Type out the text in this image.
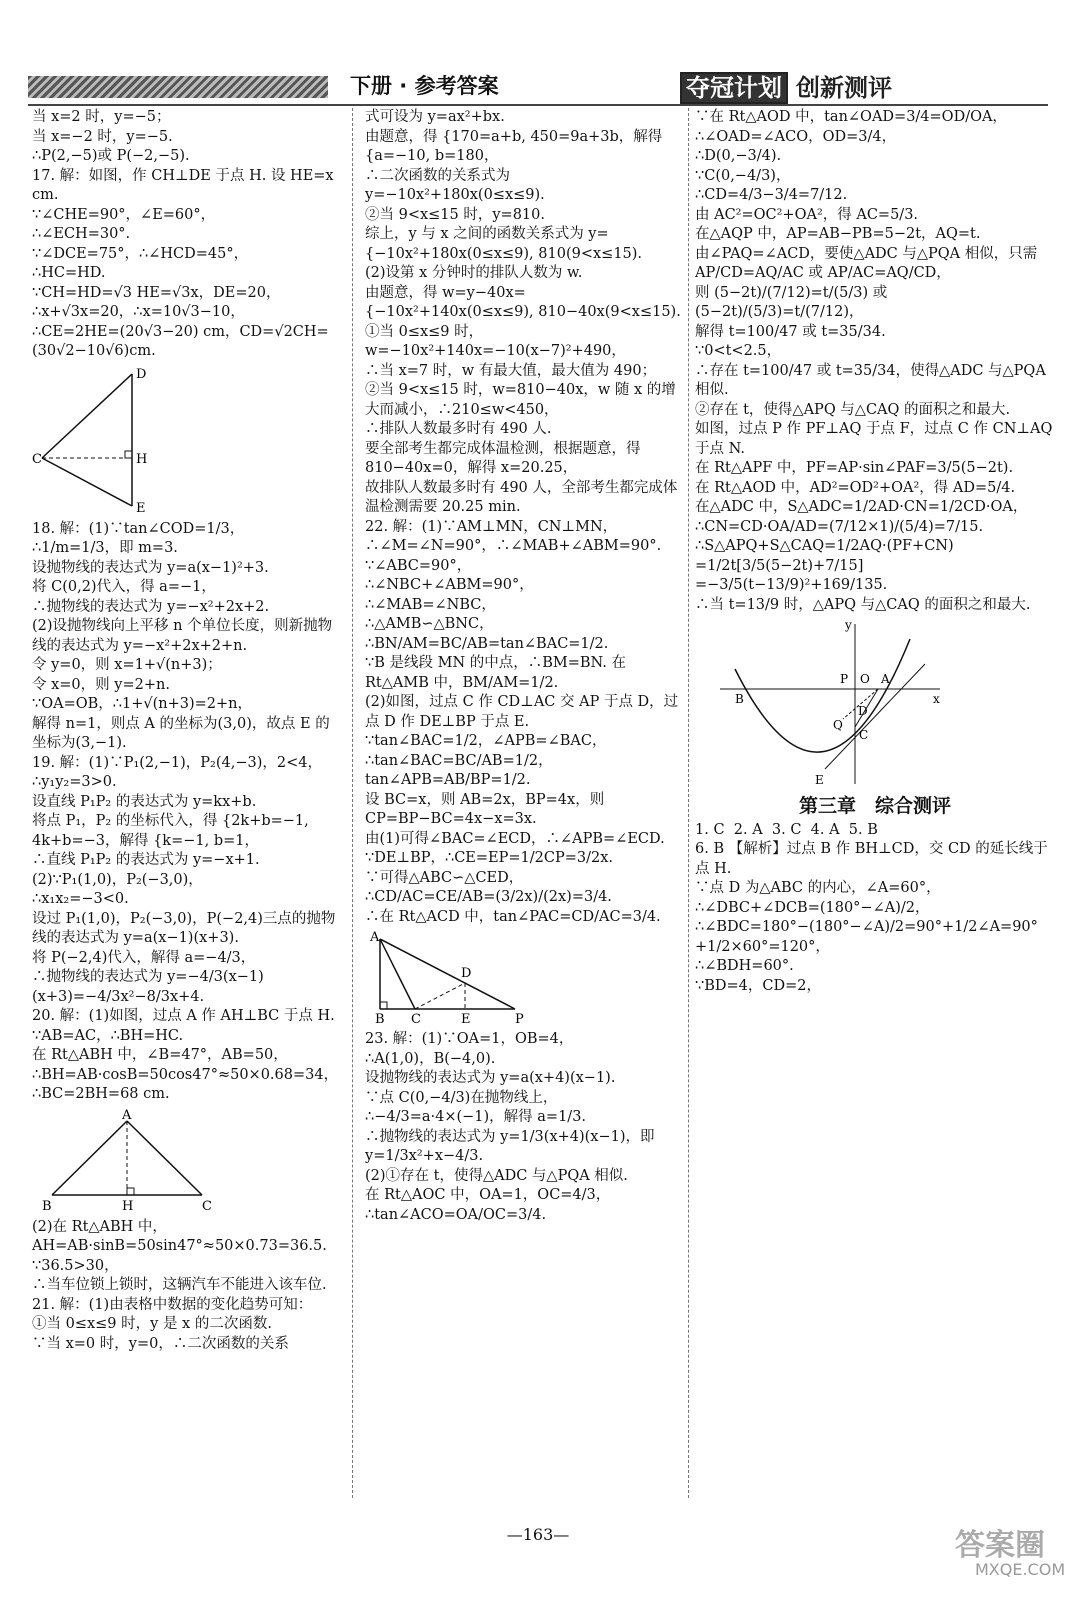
下册 · 参考答案	夺冠计划 创新测评

当 x=2 时，y=−5；

当 x=−2 时，y=−5.

∴P(2,−5)或 P(−2,−5).

17. 解：如图，作 CH⊥DE 于点 H. 设 HE=x cm.

∵∠CHE=90°，∠E=60°，

∴∠ECH=30°.

∵∠DCE=75°，∴∠HCD=45°，

∴HC=HD.

∵CH=HD=√3 HE=√3x，DE=20，

∴x+√3x=20，∴x=10√3−10，

∴CE=2HE=(20√3−20) cm，CD=√2CH=(30√2−10√6)cm.

D
C	H
E

18. 解：(1)∵tan∠COD=1/3，

∴1/m=1/3，即 m=3.

设抛物线的表达式为 y=a(x−1)²+3.

将 C(0,2)代入，得 a=−1，

∴抛物线的表达式为 y=−x²+2x+2.

(2)设抛物线向上平移 n 个单位长度，则新抛物线的表达式为 y=−x²+2x+2+n.

令 y=0，则 x=1+√(n+3)；

令 x=0，则 y=2+n.

∵OA=OB，∴1+√(n+3)=2+n，

解得 n=1，则点 A 的坐标为(3,0)，故点 E 的坐标为(3,−1).

19. 解：(1)∵P₁(2,−1)，P₂(4,−3)，2<4，

∴y₁y₂=3>0.

设直线 P₁P₂ 的表达式为 y=kx+b.

将点 P₁，P₂ 的坐标代入，得 {2k+b=−1, 4k+b=−3，解得 {k=−1, b=1，

∴直线 P₁P₂ 的表达式为 y=−x+1.

(2)∵P₁(1,0)，P₂(−3,0)，

∴x₁x₂=−3<0.

设过 P₁(1,0)，P₂(−3,0)，P(−2,4)三点的抛物线的表达式为 y=a(x−1)(x+3).

将 P(−2,4)代入，解得 a=−4/3，

∴抛物线的表达式为 y=−4/3(x−1)(x+3)=−4/3x²−8/3x+4.

20. 解：(1)如图，过点 A 作 AH⊥BC 于点 H.

∵AB=AC，∴BH=HC.

在 Rt△ABH 中，∠B=47°，AB=50，

∴BH=AB·cosB=50cos47°≈50×0.68=34，

∴BC=2BH=68 cm.

A
B	H	C

(2)在 Rt△ABH 中，AH=AB·sinB=50sin47°≈50×0.73=36.5.

∵36.5>30，

∴当车位锁上锁时，这辆汽车不能进入该车位.

21. 解：(1)由表格中数据的变化趋势可知：

①当 0≤x≤9 时，y 是 x 的二次函数.

∵当 x=0 时，y=0，∴二次函数的关系

式可设为 y=ax²+bx.

由题意，得 {170=a+b, 450=9a+3b，解得 {a=−10, b=180，

∴二次函数的关系式为 y=−10x²+180x(0≤x≤9).

②当 9<x≤15 时，y=810.

综上，y 与 x 之间的函数关系式为 y={−10x²+180x(0≤x≤9), 810(9<x≤15).

(2)设第 x 分钟时的排队人数为 w.

由题意，得 w=y−40x={−10x²+140x(0≤x≤9), 810−40x(9<x≤15).

①当 0≤x≤9 时，w=−10x²+140x=−10(x−7)²+490，

∴当 x=7 时，w 有最大值，最大值为 490；

②当 9<x≤15 时，w=810−40x，w 随 x 的增大而减小，∴210≤w<450，

∴排队人数最多时有 490 人.

要全部考生都完成体温检测，根据题意，得 810−40x=0，解得 x=20.25，

故排队人数最多时有 490 人，全部考生都完成体温检测需要 20.25 min.

22. 解：(1)∵AM⊥MN，CN⊥MN，∴∠M=∠N=90°，∴∠MAB+∠ABM=90°.

∵∠ABC=90°，

∴∠NBC+∠ABM=90°，

∴∠MAB=∠NBC，

∴△AMB∽△BNC，

∴BN/AM=BC/AB=tan∠BAC=1/2.

∵B 是线段 MN 的中点，∴BM=BN. 在 Rt△AMB 中，BM/AM=1/2.

(2)如图，过点 C 作 CD⊥AC 交 AP 于点 D，过点 D 作 DE⊥BP 于点 E.

∵tan∠BAC=1/2，∠APB=∠BAC，

∴tan∠BAC=BC/AB=1/2，

tan∠APB=AB/BP=1/2.

设 BC=x，则 AB=2x，BP=4x，则 CP=BP−BC=4x−x=3x.

由(1)可得∠BAC=∠ECD，∴∠APB=∠ECD.

∵DE⊥BP，∴CE=EP=1/2CP=3/2x.

∵可得△ABC∽△CED，

∴CD/AC=CE/AB=(3/2x)/(2x)=3/4.

∴在 Rt△ACD 中，tan∠PAC=CD/AC=3/4.

A
D
B C	E	P

23. 解：(1)∵OA=1，OB=4，

∴A(1,0)，B(−4,0).

设抛物线的表达式为 y=a(x+4)(x−1).

∵点 C(0,−4/3)在抛物线上，

∴−4/3=a·4×(−1)，解得 a=1/3.

∴抛物线的表达式为 y=1/3(x+4)(x−1)，即 y=1/3x²+x−4/3.

(2)①存在 t，使得△ADC 与△PQA 相似.

在 Rt△AOC 中，OA=1，OC=4/3，

∴tan∠ACO=OA/OC=3/4.

∵在 Rt△AOD 中，tan∠OAD=3/4=OD/OA，

∴∠OAD=∠ACO，OD=3/4，

∴D(0,−3/4).

∵C(0,−4/3)，

∴CD=4/3−3/4=7/12.

由 AC²=OC²+OA²，得 AC=5/3.

在△AQP 中，AP=AB−PB=5−2t，AQ=t.

由∠PAQ=∠ACD，要使△ADC 与△PQA 相似，只需 AP/CD=AQ/AC 或 AP/AC=AQ/CD，

则 (5−2t)/(7/12)=t/(5/3) 或 (5−2t)/(5/3)=t/(7/12)，

解得 t=100/47 或 t=35/34.

∵0<t<2.5，

∴存在 t=100/47 或 t=35/34，使得△ADC 与△PQA 相似.

②存在 t，使得△APQ 与△CAQ 的面积之和最大.

如图，过点 P 作 PF⊥AQ 于点 F，过点 C 作 CN⊥AQ 于点 N.

在 Rt△APF 中，PF=AP·sin∠PAF=3/5(5−2t).

在 Rt△AOD 中，AD²=OD²+OA²，得 AD=5/4.

在△ADC 中，S△ADC=1/2AD·CN=1/2CD·OA，

∴CN=CD·OA/AD=(7/12×1)/(5/4)=7/15.

∴S△APQ+S△CAQ=1/2AQ·(PF+CN)

=1/2t[3/5(5−2t)+7/15]

=−3/5(t−13/9)²+169/135.

∴当 t=13/9 时，△APQ 与△CAQ 的面积之和最大.

y
x
O A
B
P
D
Q
C
E
第三章　综合测评

1. C  2. A  3. C  4. A  5. B

6. B 【解析】过点 B 作 BH⊥CD，交 CD 的延长线于点 H.

∵点 D 为△ABC 的内心，∠A=60°，

∴∠DBC+∠DCB=(180°−∠A)/2，

∴∠BDC=180°−(180°−∠A)/2=90°+1/2∠A=90°+1/2×60°=120°，

∴∠BDH=60°.

∵BD=4，CD=2，

—163—	答案圈
MXQE.COM
